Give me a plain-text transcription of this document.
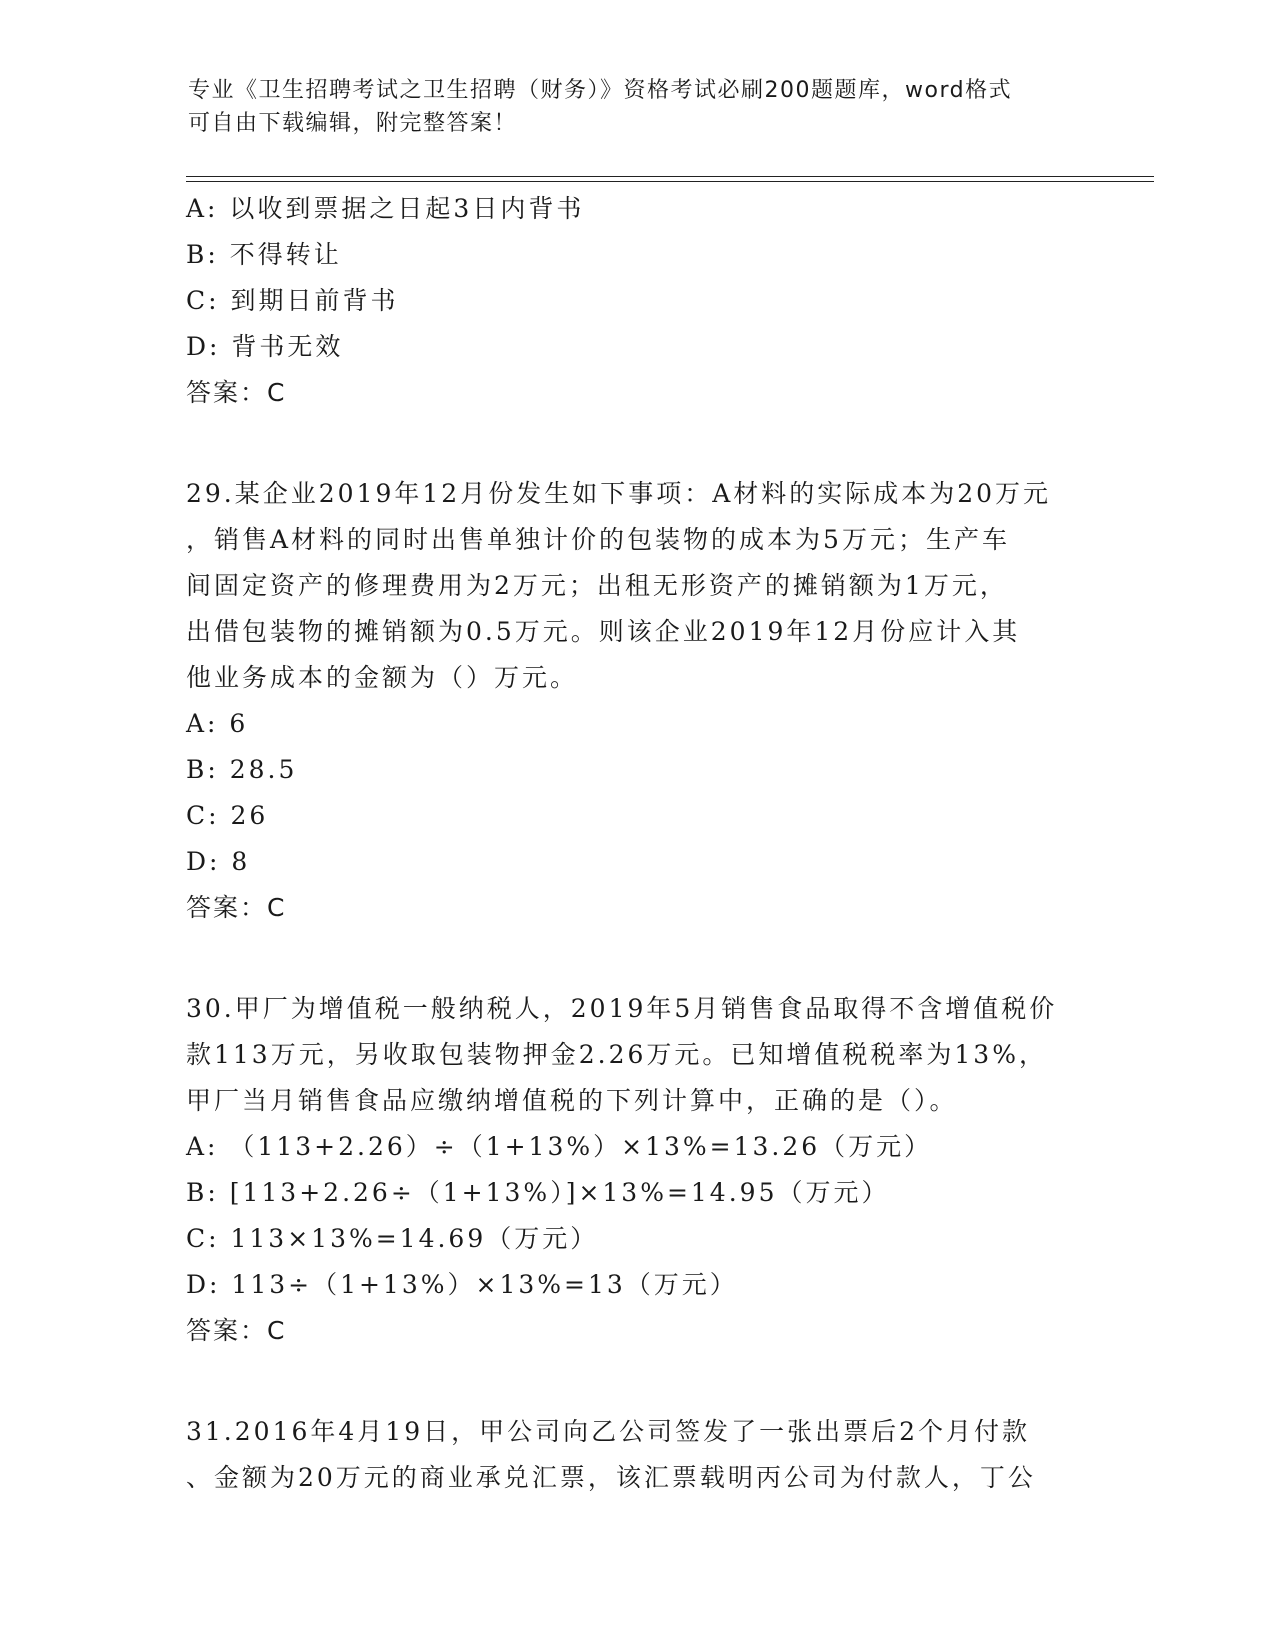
专业《卫生招聘考试之卫生招聘（财务）》资格考试必刷200题题库，word格式
可自由下载编辑，附完整答案！
A: 以收到票据之日起3日内背书
B: 不得转让
C: 到期日前背书
D: 背书无效
答案：C
29.某企业2019年12月份发生如下事项：A材料的实际成本为20万元
，销售A材料的同时出售单独计价的包装物的成本为5万元；生产车
间固定资产的修理费用为2万元；出租无形资产的摊销额为1万元，
出借包装物的摊销额为0.5万元。则该企业2019年12月份应计入其
他业务成本的金额为（）万元。
A: 6
B: 28.5
C: 26
D: 8
答案：C
30.甲厂为增值税一般纳税人，2019年5月销售食品取得不含增值税价
款113万元，另收取包装物押金2.26万元。已知增值税税率为13%，
甲厂当月销售食品应缴纳增值税的下列计算中，正确的是（）。
A: （113+2.26）÷（1+13%）×13%=13.26（万元）
B: [113+2.26÷（1+13%）]×13%=14.95（万元）
C: 113×13%=14.69（万元）
D: 113÷（1+13%）×13%=13（万元）
答案：C
31.2016年4月19日，甲公司向乙公司签发了一张出票后2个月付款
、金额为20万元的商业承兑汇票，该汇票载明丙公司为付款人，丁公
